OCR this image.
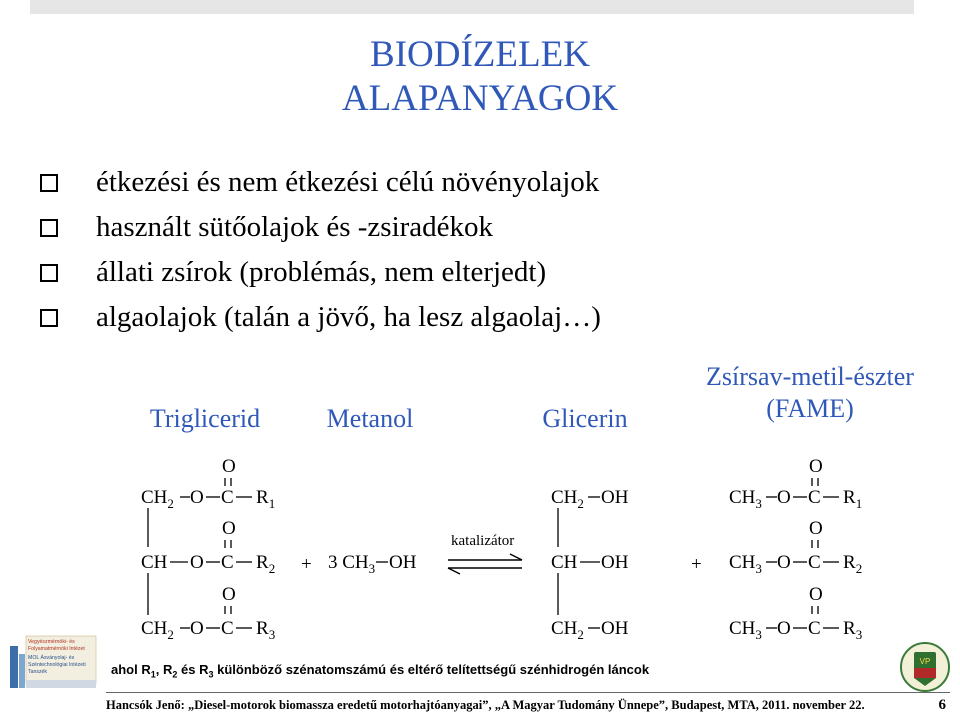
BIODÍZELEK
ALAPANYAGOK
étkezési és nem étkezési célú növényolajok
használt sütőolajok és -zsiradékok
állati zsírok (problémás, nem elterjedt)
algaolajok (talán a jövő, ha lesz algaolaj…)
Triglicerid	Metanol	Glicerin
Zsírsav-metil-észter
(FAME)
O
$CH_2$ O C $R_1$
O
CH O C $R_2$
O
$CH_2$ O C $R_3$
+ 3 $CH_3$ OH
katalizátor
$CH_2$ OH
CH OH
$CH_2$ OH
+
O
$CH_3$ O C $R_1$
O
$CH_3$ O C $R_2$
O
$CH_3$ O C $R_3$
Vegyészmérnöki- és
Folyamatmérnöki Intézet
MOL Ásványolaj- és
Széntechnológiai Intézeti
Tanszék	ahol $R_1$, $R_2$ és $R_3$ különböző szénatomszámú és eltérő telítettségű szénhidrogén láncok
VP
Hancsók Jenő: „Diesel-motorok biomassza eredetű motorhajtóanyagai”, „A Magyar Tudomány Ünnepe”, Budapest, MTA, 2011. november 22.	6
